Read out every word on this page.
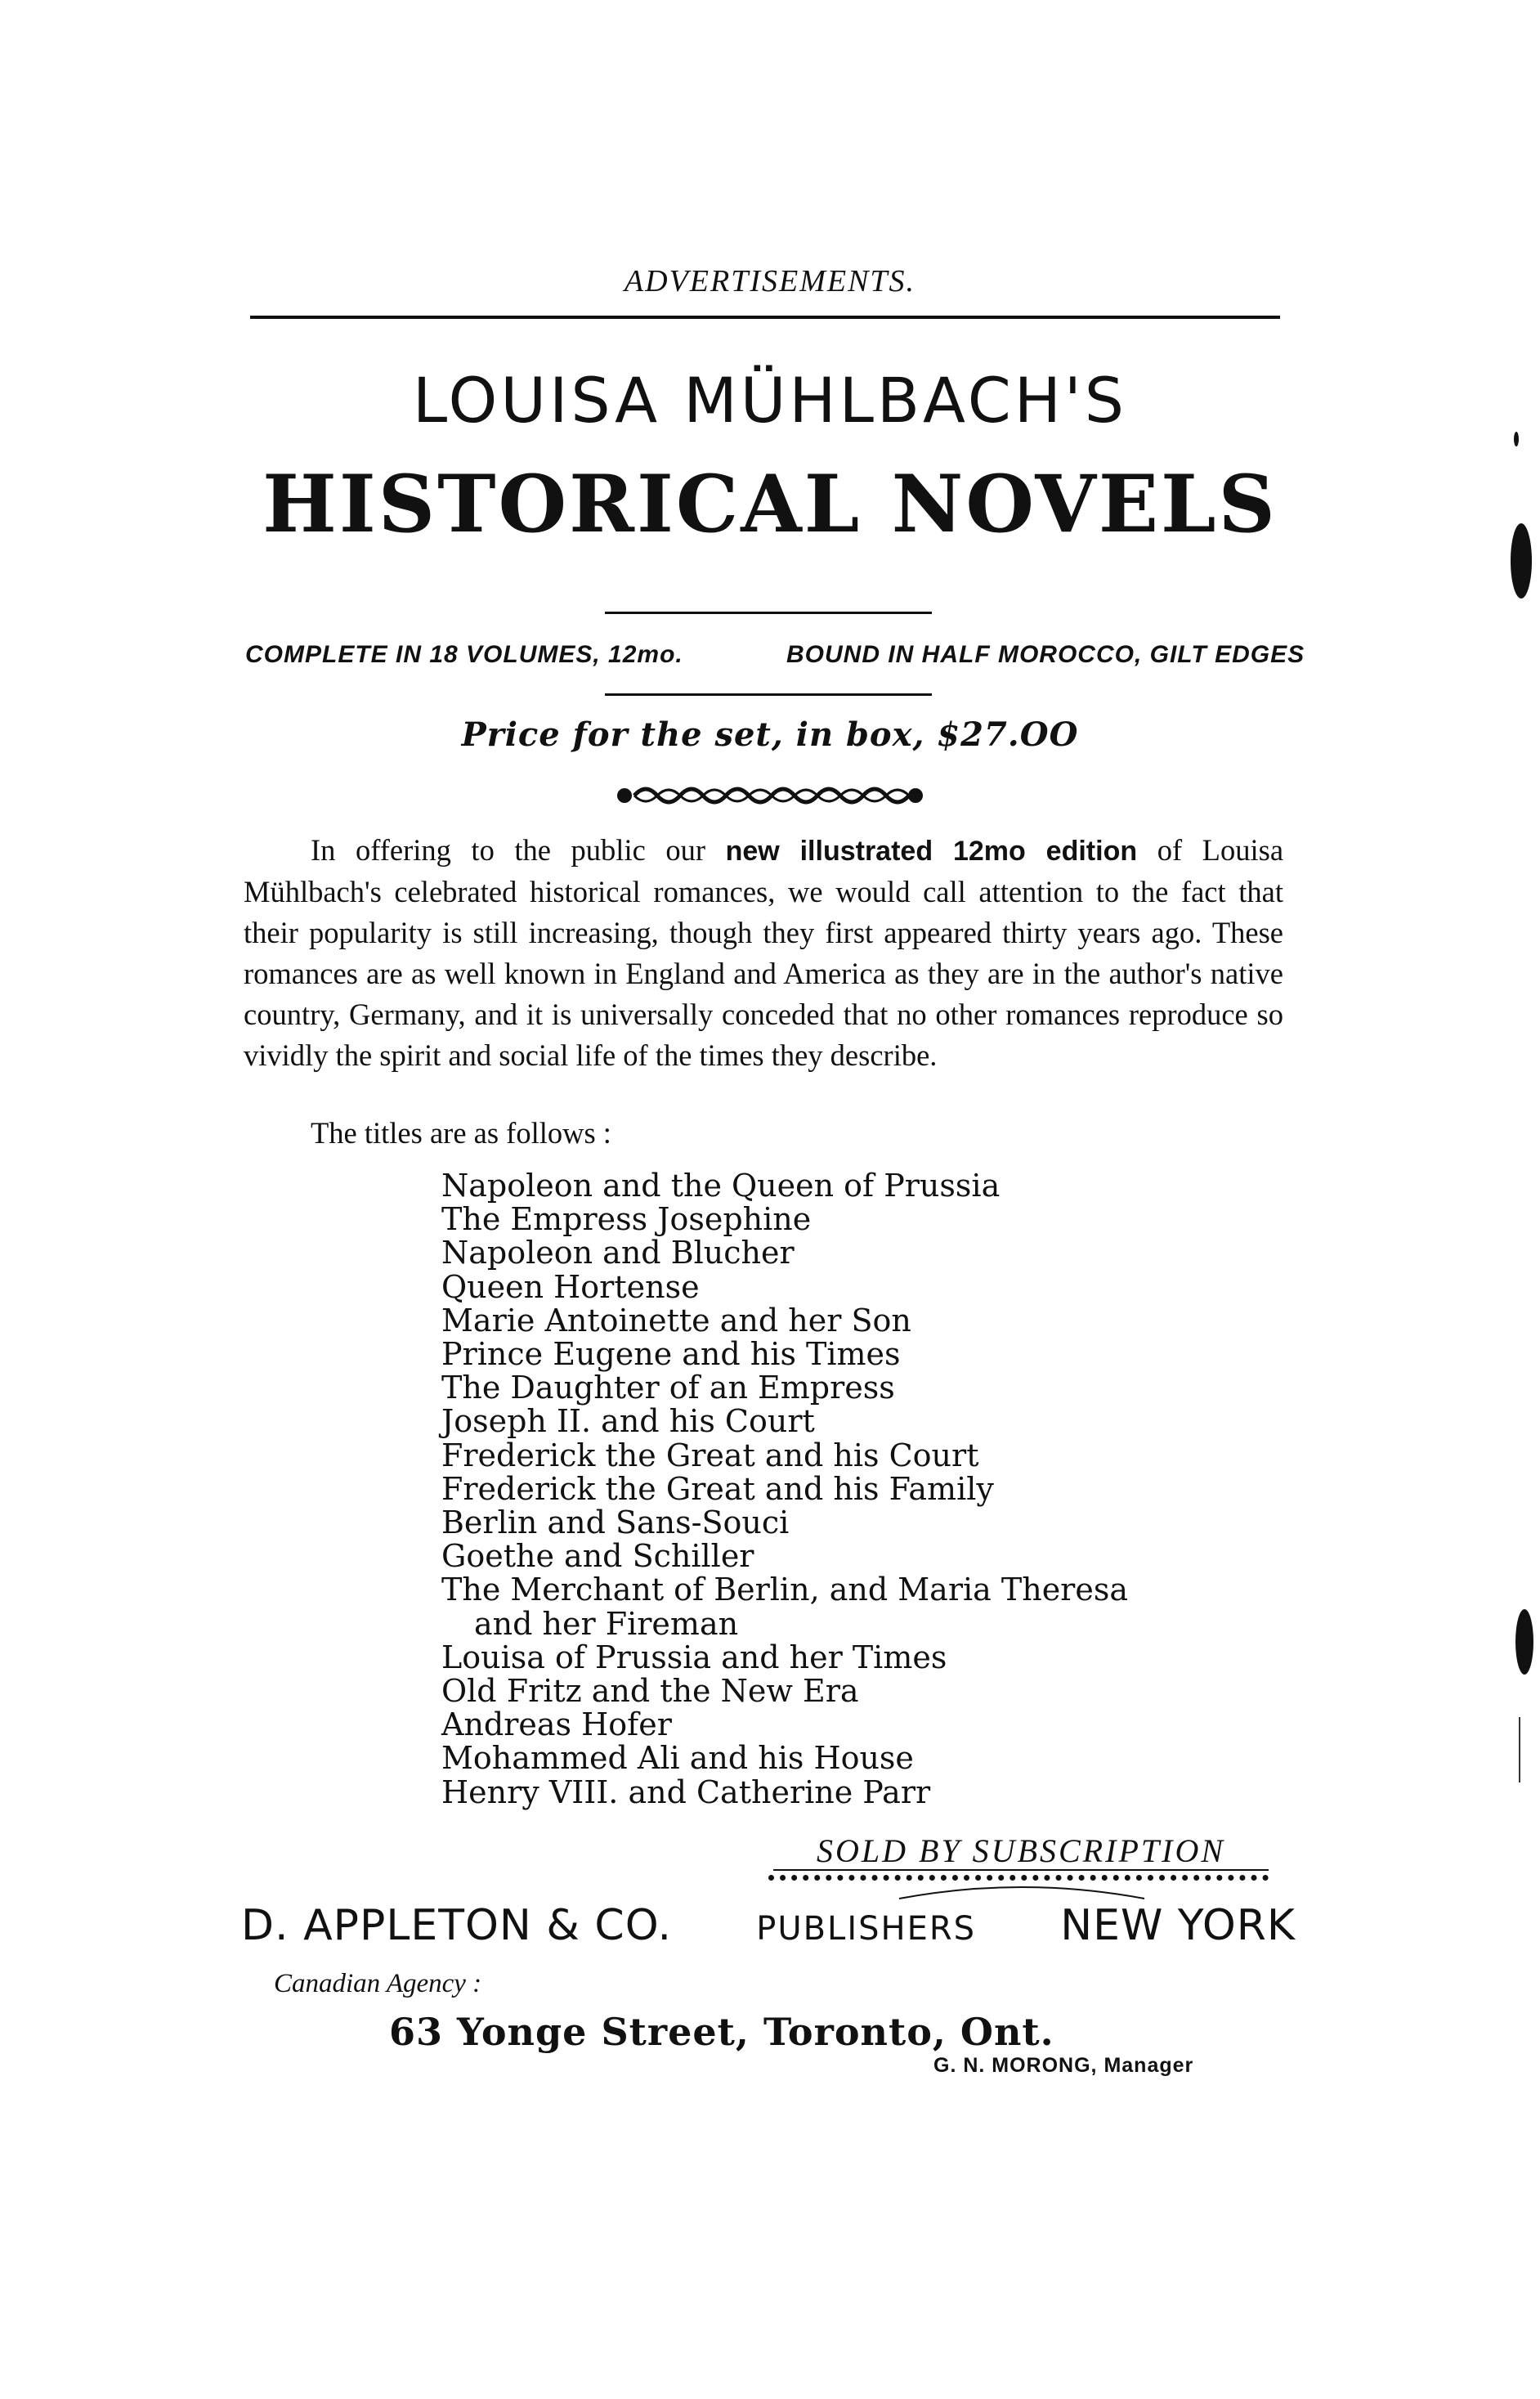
ADVERTISEMENTS.
LOUISA MÜHLBACH'S
HISTORICAL NOVELS
COMPLETE IN 18 VOLUMES, 12mo.	BOUND IN HALF MOROCCO, GILT EDGES
Price for the set, in box, $27.OO

In offering to the public our new illustrated 12mo edition of Louisa Mühlbach's celebrated historical romances, we would call attention to the fact that their popularity is still increasing, though they first appeared thirty years ago. These romances are as well known in England and America as they are in the author's native country, Germany, and it is universally conceded that no other romances reproduce so vividly the spirit and social life of the times they describe.

The titles are as follows :
Napoleon and the Queen of Prussia
The Empress Josephine
Napoleon and Blucher
Queen Hortense
Marie Antoinette and her Son
Prince Eugene and his Times
The Daughter of an Empress
Joseph II. and his Court
Frederick the Great and his Court
Frederick the Great and his Family
Berlin and Sans-Souci
Goethe and Schiller
The Merchant of Berlin, and Maria Theresa
and her Fireman
Louisa of Prussia and her Times
Old Fritz and the New Era
Andreas Hofer
Mohammed Ali and his House
Henry VIII. and Catherine Parr
SOLD BY SUBSCRIPTION
D. APPLETON & CO.	PUBLISHERS NEW YORK
Canadian Agency :
63 Yonge Street, Toronto, Ont.
G. N. MORONG, Manager
